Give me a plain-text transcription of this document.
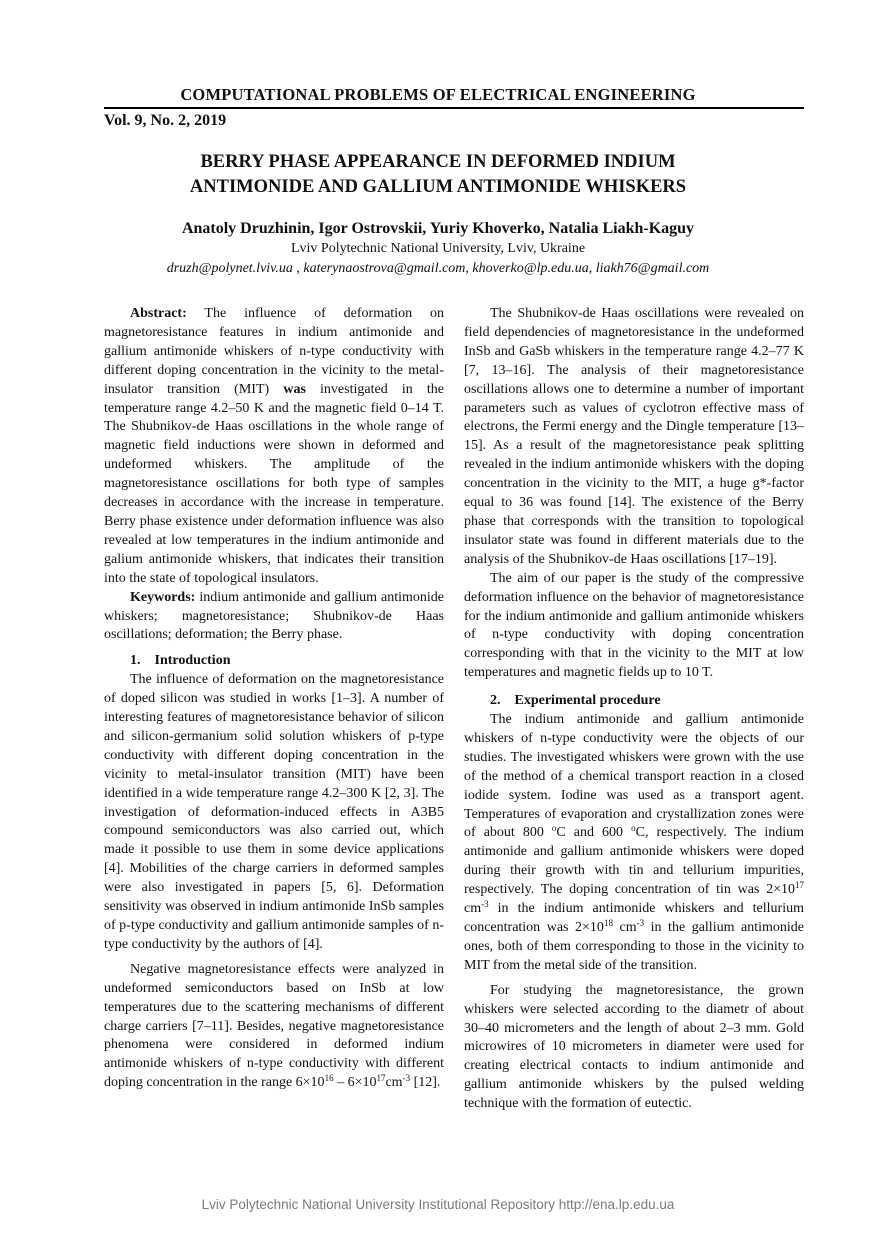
COMPUTATIONAL PROBLEMS OF ELECTRICAL ENGINEERING
Vol. 9, No. 2, 2019
BERRY PHASE APPEARANCE IN DEFORMED INDIUM
ANTIMONIDE AND GALLIUM ANTIMONIDE WHISKERS
Anatoly Druzhinin, Igor Ostrovskii, Yuriy Khoverko, Natalia Liakh-Kaguy
Lviv Polytechnic National University, Lviv, Ukraine
druzh@polynet.lviv.ua , katerynaostrova@gmail.com, khoverko@lp.edu.ua, liakh76@gmail.com

Abstract: The influence of deformation on magnetoresistance features in indium antimonide and gallium antimonide whiskers of n-type conductivity with different doping concentration in the vicinity to the metal-insulator transition (MIT) was investigated in the temperature range 4.2–50 K and the magnetic field 0–14 T. The Shubnikov-de Haas oscillations in the whole range of magnetic field inductions were shown in deformed and undeformed whiskers. The amplitude of the magnetoresistance oscillations for both type of samples decreases in accordance with the increase in temperature. Berry phase existence under deformation influence was also revealed at low temperatures in the indium antimonide and galium antimonide whiskers, that indicates their transition into the state of topological insulators.

Keywords: indium antimonide and gallium antimonide whiskers; magnetoresistance; Shubnikov-de Haas oscillations; deformation; the Berry phase.

1. Introduction

The influence of deformation on the magnetoresistance of doped silicon was studied in works [1–3]. A number of interesting features of magnetoresistance behavior of silicon and silicon-germanium solid solution whiskers of p-type conductivity with different doping concentration in the vicinity to metal-insulator transition (MIT) have been identified in a wide temperature range 4.2–300 K [2, 3]. The investigation of deformation-induced effects in A3B5 compound semiconductors was also carried out, which made it possible to use them in some device applications [4]. Mobilities of the charge carriers in deformed samples were also investigated in papers [5, 6]. Deformation sensitivity was observed in indium antimonide InSb samples of p-type conductivity and gallium antimonide samples of n-type conductivity by the authors of [4].

Negative magnetoresistance effects were analyzed in undeformed semiconductors based on InSb at low temperatures due to the scattering mechanisms of different charge carriers [7–11]. Besides, negative magnetoresistance phenomena were considered in deformed indium antimonide whiskers of n-type conductivity with different doping concentration in the range $6\times 10^{16} - 6\times 10^{17}cm^{-3}$ [12].

The Shubnikov-de Haas oscillations were revealed on field dependencies of magnetoresistance in the undeformed InSb and GaSb whiskers in the temperature range 4.2–77 K [7, 13–16]. The analysis of their magnetoresistance oscillations allows one to determine a number of important parameters such as values of cyclotron effective mass of electrons, the Fermi energy and the Dingle temperature [13–15]. As a result of the magnetoresistance peak splitting revealed in the indium antimonide whiskers with the doping concentration in the vicinity to the MIT, a huge g*-factor equal to 36 was found [14]. The existence of the Berry phase that corresponds with the transition to topological insulator state was found in different materials due to the analysis of the Shubnikov-de Haas oscillations [17–19].

The aim of our paper is the study of the compressive deformation influence on the behavior of magnetoresistance for the indium antimonide and gallium antimonide whiskers of n-type conductivity with doping concentration corresponding with that in the vicinity to the MIT at low temperatures and magnetic fields up to 10 T.

2. Experimental procedure

The indium antimonide and gallium antimonide whiskers of n-type conductivity were the objects of our studies. The investigated whiskers were grown with the use of the method of a chemical transport reaction in a closed iodide system. Iodine was used as a transport agent. Temperatures of evaporation and crystallization zones were of about 800 $^o$C and 600 $^o$C, respectively. The indium antimonide and gallium antimonide whiskers were doped during their growth with tin and tellurium impurities, respectively. The doping concentration of tin was $2\times 10^{17}$ $cm^{-3}$ in the indium antimonide whiskers and tellurium concentration was $2\times 10^{18}$ $cm^{-3}$ in the gallium antimonide ones, both of them corresponding to those in the vicinity to MIT from the metal side of the transition.

For studying the magnetoresistance, the grown whiskers were selected according to the diametr of about 30–40 micrometers and the length of about 2–3 mm. Gold microwires of 10 micrometers in diameter were used for creating electrical contacts to indium antimonide and gallium antimonide whiskers by the pulsed welding technique with the formation of eutectic.

Lviv Polytechnic National University Institutional Repository http://ena.lp.edu.ua
